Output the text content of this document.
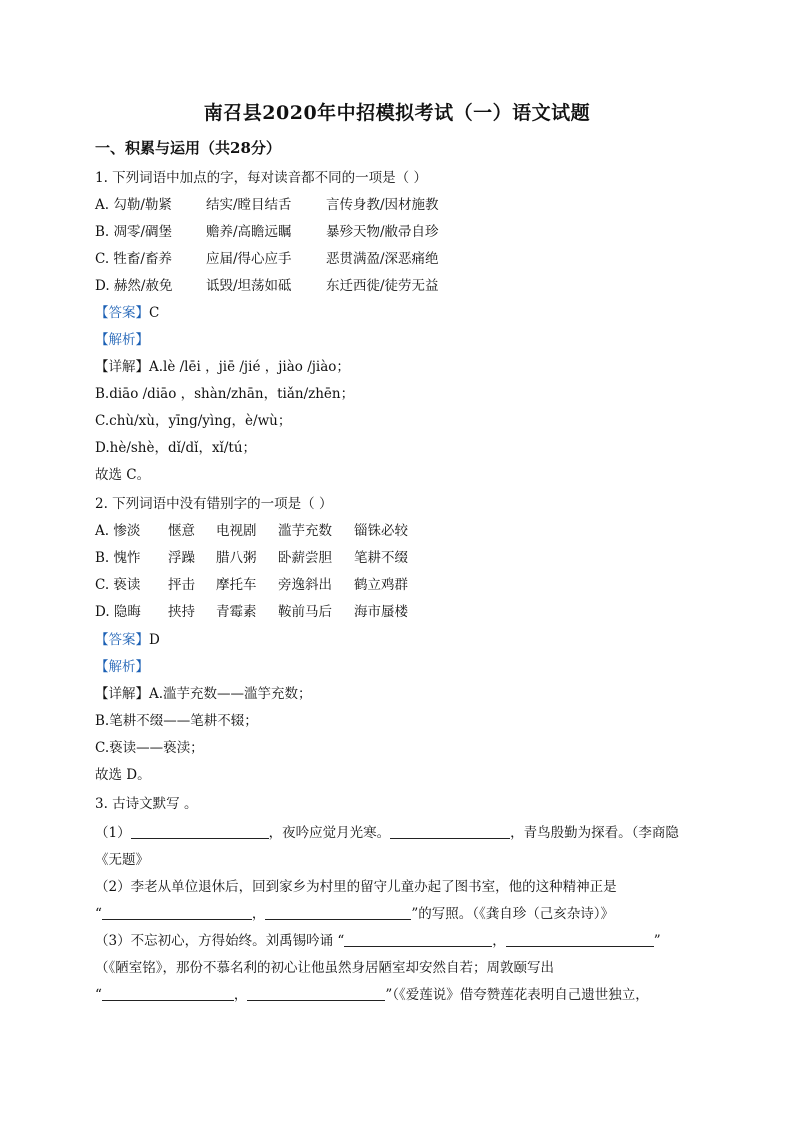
南召县2020年中招模拟考试（一）语文试题
一、积累与运用（共28分）
1. 下列词语中加点的字，每对读音都不同的一项是（ ）
A. 勾勒/勒紧	结实/瞠目结舌	言传身教/因材施教
B. 凋零/碉堡	赡养/高瞻远瞩	暴殄天物/敝帚自珍
C. 牲畜/畜养	应届/得心应手	恶贯满盈/深恶痛绝
D. 赫然/赦免 诋毁/坦荡如砥	东迁西徙/徒劳无益
【答案】C
【解析】
【详解】A.lè /lēi ，jiē /jié ，jiào /jiào；
B.diāo /diāo ，shàn/zhān，tiǎn/zhēn；
C.chù/xù，yīng/yìng，è/wù；
D.hè/shè，dǐ/dǐ，xǐ/tú；
故选 C。
2. 下列词语中没有错别字的一项是（ ）
A. 惨淡 惬意 电视剧 滥芋充数 锱铢必较
B. 愧怍 浮躁 腊八粥 卧薪尝胆 笔耕不缀
C. 亵读 抨击 摩托车 旁逸斜出 鹤立鸡群
D. 隐晦 挟持 青霉素 鞍前马后 海市蜃楼
【答案】D
【解析】
【详解】A.滥芋充数——滥竽充数；
B.笔耕不缀——笔耕不辍；
C.亵读——亵渎；
故选 D。
3. 古诗文默写 。
（1）	，夜吟应觉月光寒。	，青鸟殷勤为探看。（李商隐
《无题》
（2）李老从单位退休后，回到家乡为村里的留守儿童办起了图书室，他的这种精神正是
“	，	”的写照。（《龚自珍（己亥杂诗）》
（3）不忘初心，方得始终。刘禹锡吟诵 “	，	”
（《陋室铭》，那份不慕名利的初心让他虽然身居陋室却安然自若；周敦颐写出
“	，	”（《爱莲说》借夸赞莲花表明自己遗世独立，
